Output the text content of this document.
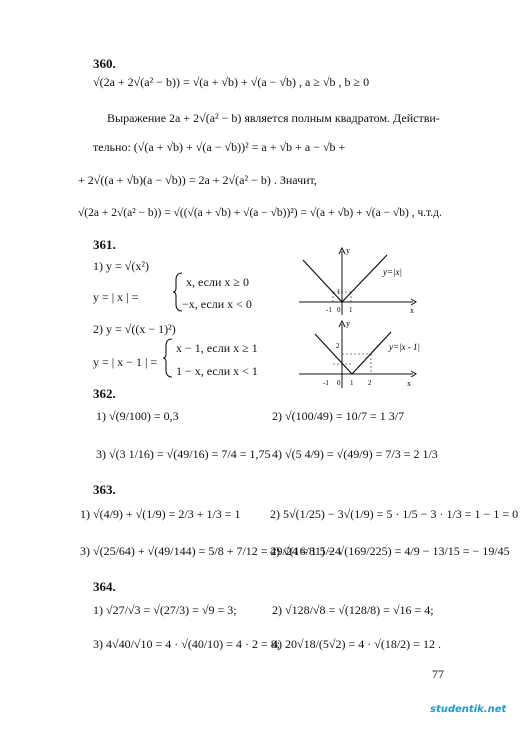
360.
√(2a + 2√(a² − b)) = √(a + √b) + √(a − √b) , a ≥ √b , b ≥ 0
Выражение 2a + 2√(a² − b) является полным квадратом. Действи-
тельно: (√(a + √b) + √(a − √b))² = a + √b + a − √b +
+ 2√((a + √b)(a − √b)) = 2a + 2√(a² − b) . Значит,
√(2a + 2√(a² − b)) = √((√(a + √b) + √(a − √b))²) = √(a + √b) + √(a − √b) , ч.т.д.
361.
1) y = √(x²)
y = | x | =
x, если x ≥ 0
−x, если x < 0
2) y = √((x − 1)²)
y = | x − 1 | =
x − 1, если x ≥ 1
1 − x, если x < 1
y
x
1
-1 0 1
y=|x|
y
x
2
-1 0 1 2
y=|x - 1|
362.
1) √(9/100) = 0,3	2) √(100/49) = 10/7 = 1 3/7
3) √(3 1/16) = √(49/16) = 7/4 = 1,75 4) √(5 4/9) = √(49/9) = 7/3 = 2 1/3
363.
1) √(4/9) + √(1/9) = 2/3 + 1/3 = 1 2) 5√(1/25) − 3√(1/9) = 5 · 1/5 − 3 · 1/3 = 1 − 1 = 0
3) √(25/64) + √(49/144) = 5/8 + 7/12 = 29/24 = 1 5/24
4) √(16/81) − √(169/225) = 4/9 − 13/15 = − 19/45
364.
1) √27/√3 = √(27/3) = √9 = 3;	2) √128/√8 = √(128/8) = √16 = 4;
3) 4√40/√10 = 4 · √(40/10) = 4 · 2 = 8;
4) 20√18/(5√2) = 4 · √(18/2) = 12 .
77
studentik.net
